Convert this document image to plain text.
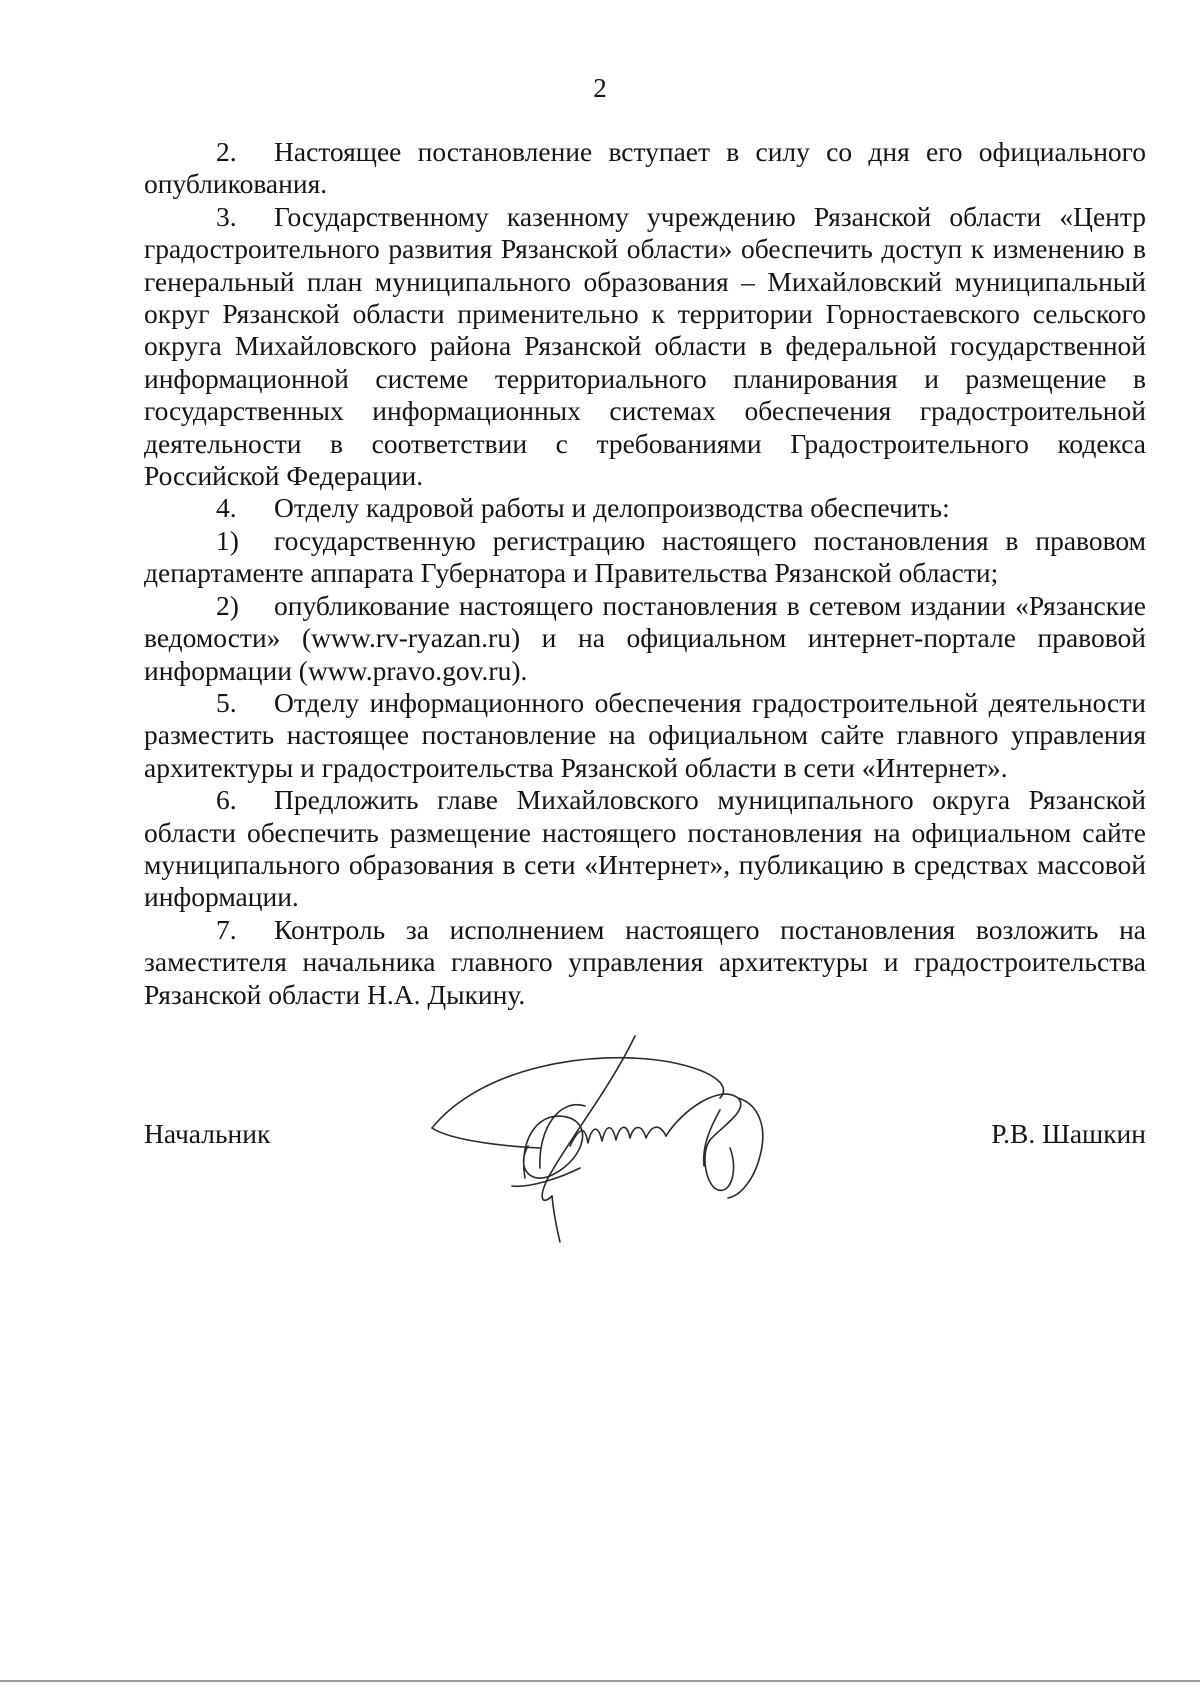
2

2. Настоящее постановление вступает в силу со дня его официального опубликования.

3. Государственному казенному учреждению Рязанской области «Центр градостроительного развития Рязанской области» обеспечить доступ к изменению в генеральный план муниципального образования – Михайловский муниципальный округ Рязанской области применительно к территории Горностаевского сельского округа Михайловского района Рязанской области в федеральной государственной информационной системе территориального планирования и размещение в государственных информационных системах обеспечения градостроительной деятельности в соответствии с требованиями Градостроительного кодекса Российской Федерации.

4. Отделу кадровой работы и делопроизводства обеспечить:

1) государственную регистрацию настоящего постановления в правовом департаменте аппарата Губернатора и Правительства Рязанской области;

2) опубликование настоящего постановления в сетевом издании «Рязанские ведомости» (www.rv-ryazan.ru) и на официальном интернет-портале правовой информации (www.pravo.gov.ru).

5. Отделу информационного обеспечения градостроительной деятельности разместить настоящее постановление на официальном сайте главного управления архитектуры и градостроительства Рязанской области в сети «Интернет».

6. Предложить главе Михайловского муниципального округа Рязанской области обеспечить размещение настоящего постановления на официальном сайте муниципального образования в сети «Интернет», публикацию в средствах массовой информации.

7. Контроль за исполнением настоящего постановления возложить на заместителя начальника главного управления архитектуры и градостроительства Рязанской области Н.А. Дыкину.

Начальник	Р.В. Шашкин
